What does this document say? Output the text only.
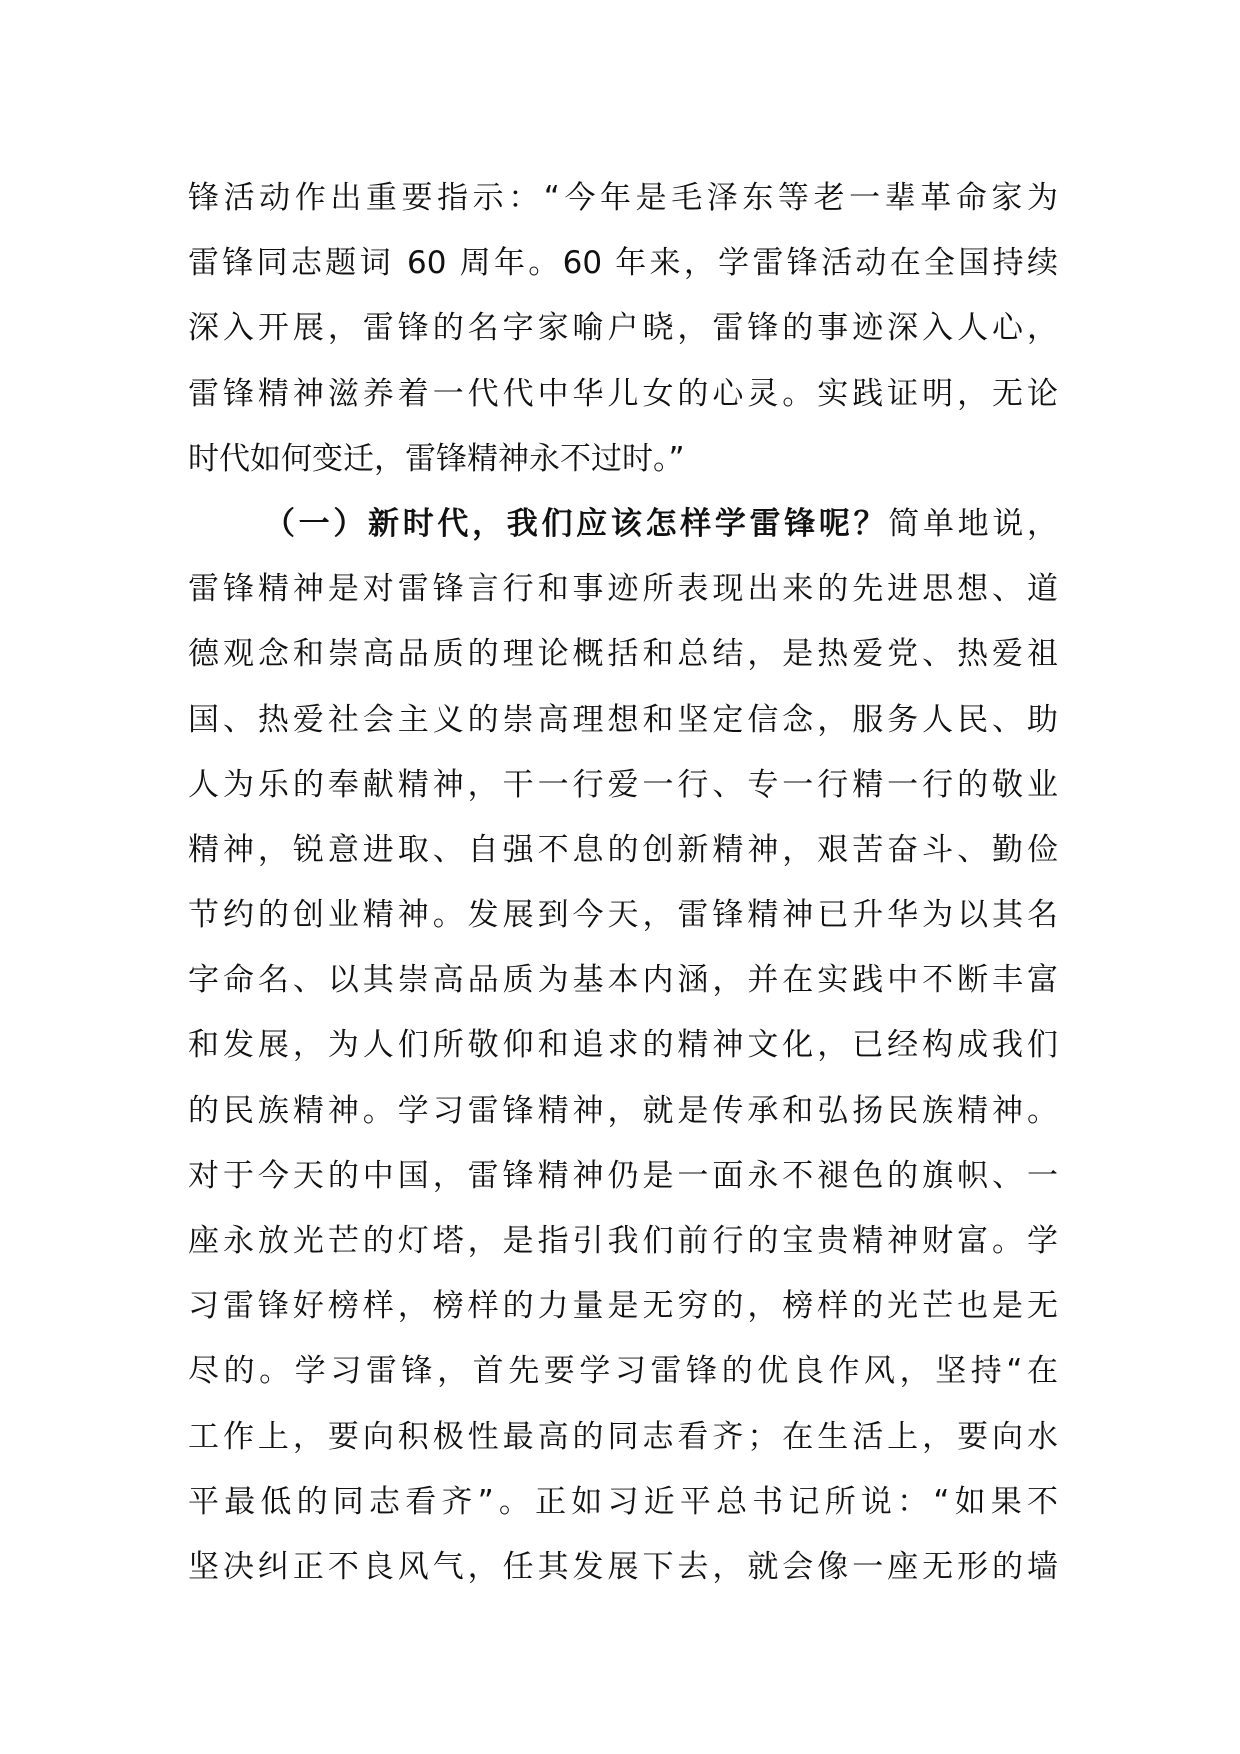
锋活动作出重要指示：“今年是毛泽东等老一辈革命家为
雷锋同志题词 60 周年。60 年来，学雷锋活动在全国持续
深入开展，雷锋的名字家喻户晓，雷锋的事迹深入人心，
雷锋精神滋养着一代代中华儿女的心灵。实践证明，无论
时代如何变迁，雷锋精神永不过时。”
（一）新时代，我们应该怎样学雷锋呢？简单地说，
雷锋精神是对雷锋言行和事迹所表现出来的先进思想、道
德观念和崇高品质的理论概括和总结，是热爱党、热爱祖
国、热爱社会主义的崇高理想和坚定信念，服务人民、助
人为乐的奉献精神，干一行爱一行、专一行精一行的敬业
精神，锐意进取、自强不息的创新精神，艰苦奋斗、勤俭
节约的创业精神。发展到今天，雷锋精神已升华为以其名
字命名、以其崇高品质为基本内涵，并在实践中不断丰富
和发展，为人们所敬仰和追求的精神文化，已经构成我们
的民族精神。学习雷锋精神，就是传承和弘扬民族精神。
对于今天的中国，雷锋精神仍是一面永不褪色的旗帜、一
座永放光芒的灯塔，是指引我们前行的宝贵精神财富。学
习雷锋好榜样，榜样的力量是无穷的，榜样的光芒也是无
尽的。学习雷锋，首先要学习雷锋的优良作风，坚持“在
工作上，要向积极性最高的同志看齐；在生活上，要向水
平最低的同志看齐”。正如习近平总书记所说：“如果不
坚决纠正不良风气，任其发展下去，就会像一座无形的墙
